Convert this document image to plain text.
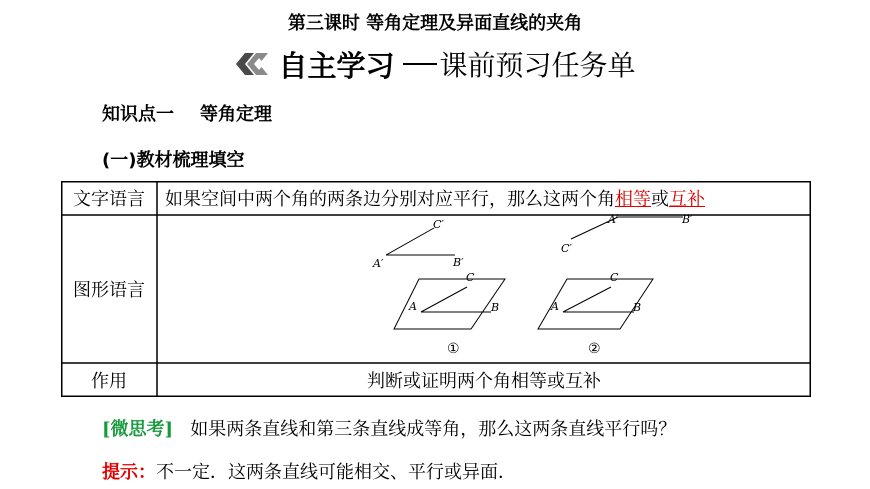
第三课时 等角定理及异面直线的夹角
自主学习 课前预习任务单
知识点一 等角定理
(一)教材梳理填空
文字语言	如果空间中两个角的两条边分别对应平行，那么这两个角 相等 或 互补
图形语言
C′
A′	B′
C
A	B
①
A′	B′
C′
C
A	B
②
作用	判断或证明两个角相等或互补
[微思考] 如果两条直线和第三条直线成等角，那么这两条直线平行吗？
提示：不一定．这两条直线可能相交、平行或异面．
